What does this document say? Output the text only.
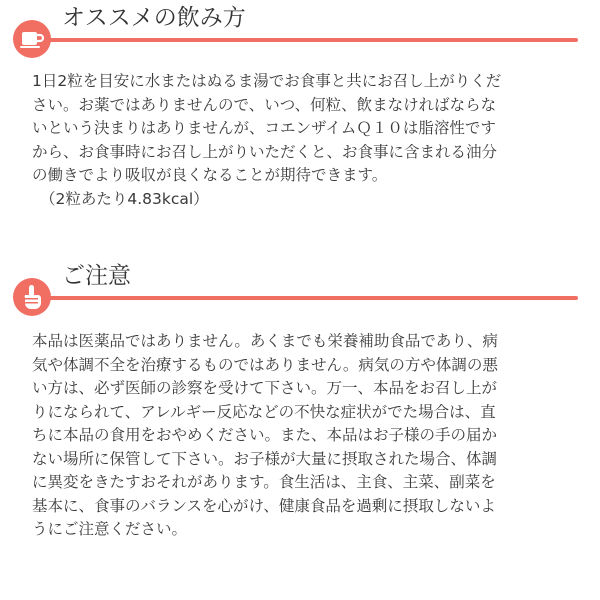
オススメの飲み方
1日2粒を目安に水またはぬるま湯でお食事と共にお召し上がりくだ
さい。お薬ではありませんので、いつ、何粒、飲まなければならな
いという決まりはありませんが、コエンザイムＱ１０は脂溶性です
から、お食事時にお召し上がりいただくと、お食事に含まれる油分
の働きでより吸収が良くなることが期待できます。
（2粒あたり4.83kcal）
ご注意
本品は医薬品ではありません。あくまでも栄養補助食品であり、病
気や体調不全を治療するものではありません。病気の方や体調の悪
い方は、必ず医師の診察を受けて下さい。万一、本品をお召し上が
りになられて、アレルギー反応などの不快な症状がでた場合は、直
ちに本品の食用をおやめください。また、本品はお子様の手の届か
ない場所に保管して下さい。お子様が大量に摂取された場合、体調
に異変をきたすおそれがあります。食生活は、主食、主菜、副菜を
基本に、食事のバランスを心がけ、健康食品を過剰に摂取しないよ
うにご注意ください。
